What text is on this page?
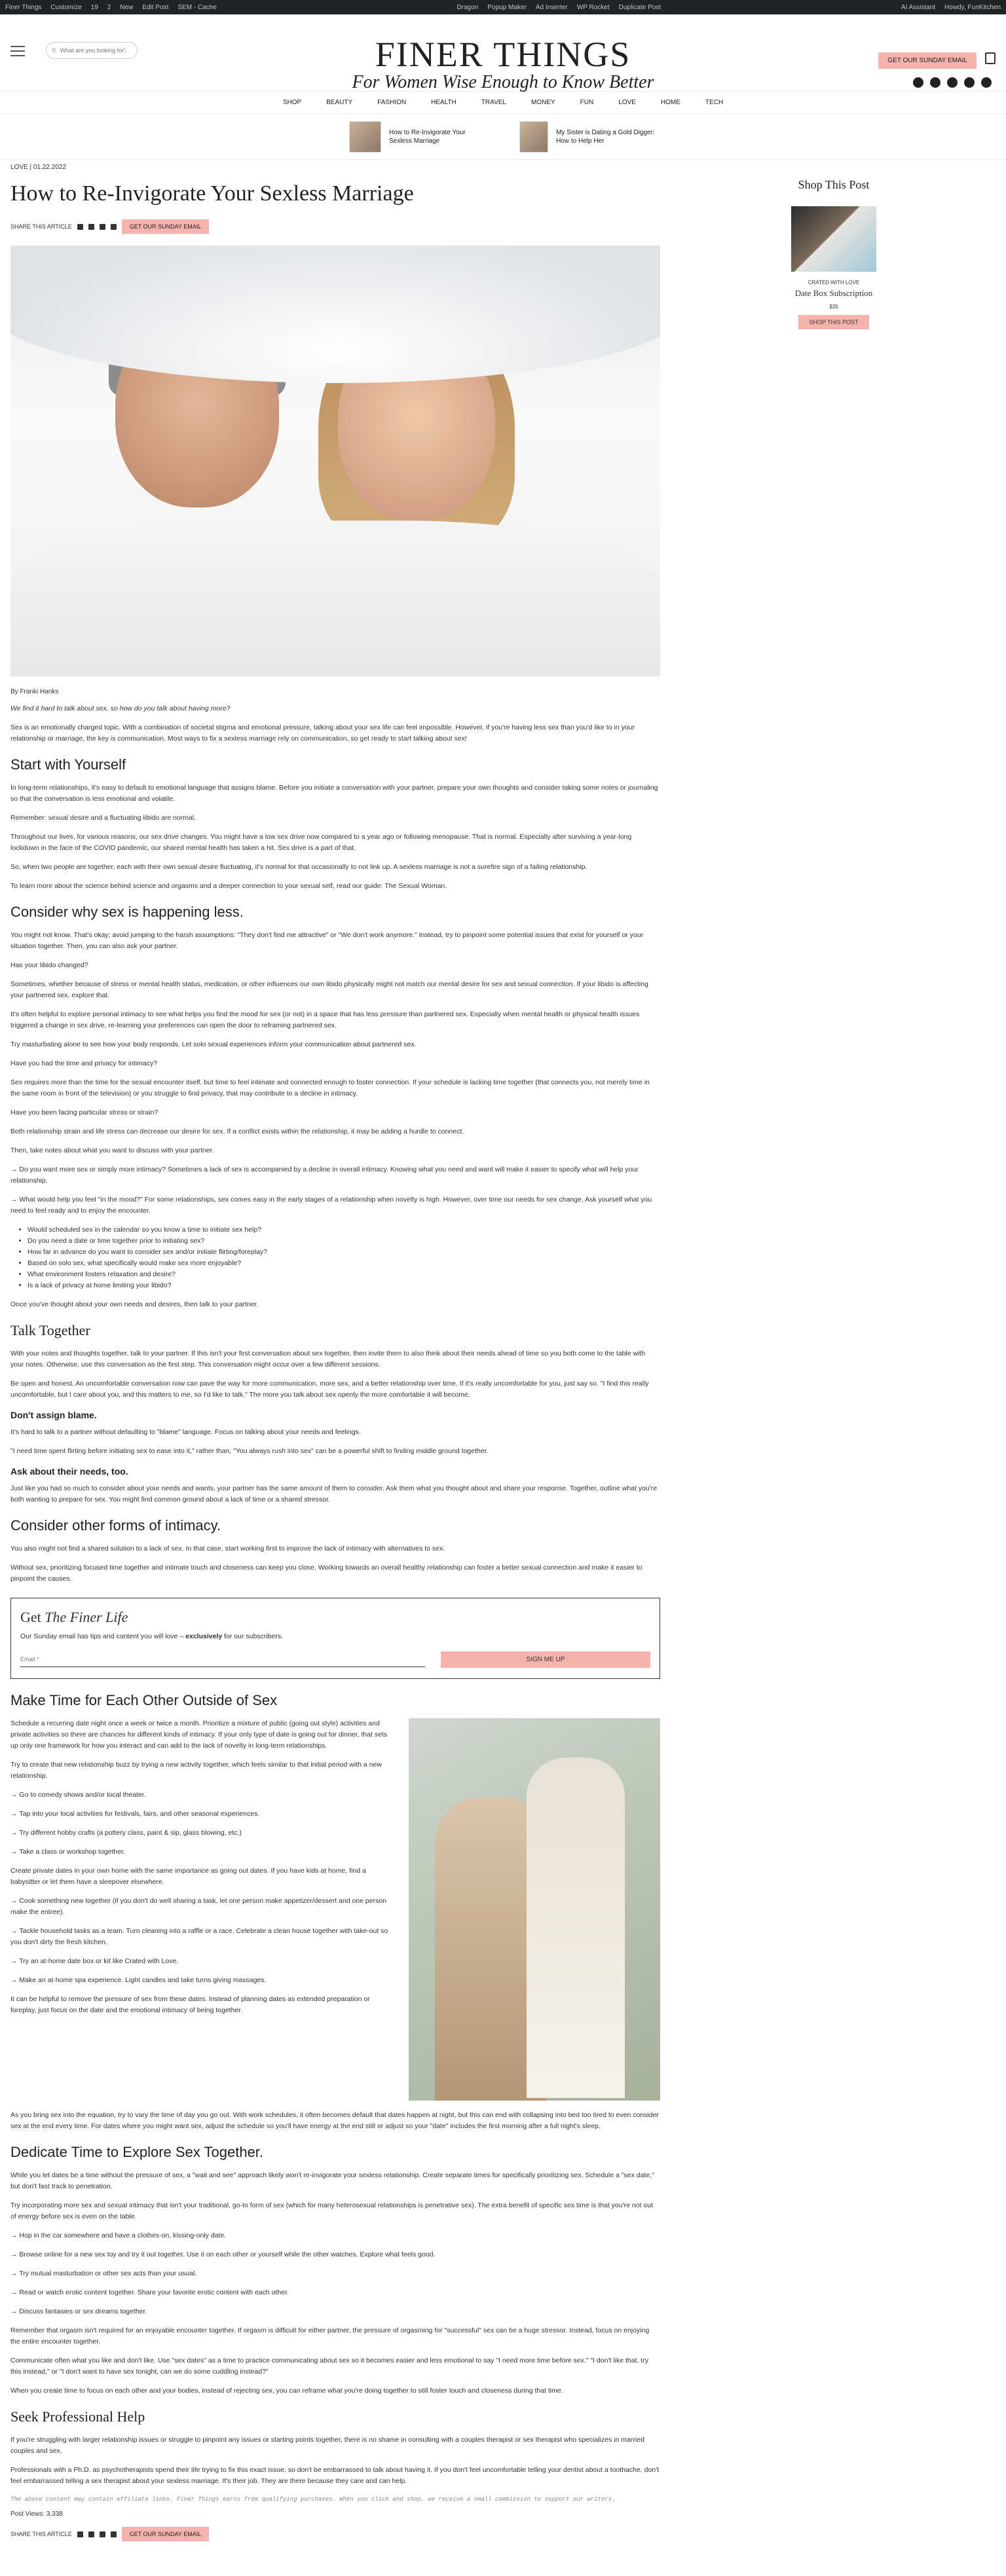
Finer Things Customize 19 2 New Edit Post SEM - Cache	Dragon Popup Maker Ad Inserter WP Rocket Duplicate Post	AI Assistant Howdy, FunKitchen
⚲
What are you looking for?	FINER THINGS
For Women Wise Enough to Know Better
GET OUR SUNDAY EMAIL
SHOP	BEAUTY	FASHION	HEALTH	TRAVEL	MONEY	FUN	LOVE	HOME	TECH
How to Re-Invigorate Your Sexless Marriage
My Sister is Dating a Gold Digger: How to Help Her
LOVE | 01.22.2022
How to Re-Invigorate Your Sexless Marriage
SHARE THIS ARTICLE	GET OUR SUNDAY EMAIL
By Franki Hanks

We find it hard to talk about sex, so how do you talk about having more?

Sex is an emotionally charged topic. With a combination of societal stigma and emotional pressure, talking about your sex life can feel impossible. However, if you're having less sex than you'd like to in your relationship or marriage, the key is communication. Most ways to fix a sexless marriage rely on communication, so get ready to start talking about sex!

Start with Yourself

In long-term relationships, it's easy to default to emotional language that assigns blame. Before you initiate a conversation with your partner, prepare your own thoughts and consider taking some notes or journaling so that the conversation is less emotional and volatile.

Remember: sexual desire and a fluctuating libido are normal.

Throughout our lives, for various reasons, our sex drive changes. You might have a low sex drive now compared to a year ago or following menopause. That is normal. Especially after surviving a year-long lockdown in the face of the COVID pandemic, our shared mental health has taken a hit. Sex drive is a part of that.

So, when two people are together, each with their own sexual desire fluctuating, it's normal for that occasionally to not link up. A sexless marriage is not a surefire sign of a failing relationship.

To learn more about the science behind science and orgasms and a deeper connection to your sexual self, read our guide: The Sexual Woman.

Consider why sex is happening less.

You might not know. That's okay; avoid jumping to the harsh assumptions: "They don't find me attractive" or "We don't work anymore." Instead, try to pinpoint some potential issues that exist for yourself or your situation together. Then, you can also ask your partner.

Has your libido changed?

Sometimes, whether because of stress or mental health status, medication, or other influences our own libido physically might not match our mental desire for sex and sexual connection. If your libido is affecting your partnered sex, explore that.

It's often helpful to explore personal intimacy to see what helps you find the mood for sex (or not) in a space that has less pressure than partnered sex. Especially when mental health or physical health issues triggered a change in sex drive, re-learning your preferences can open the door to reframing partnered sex.

Try masturbating alone to see how your body responds. Let solo sexual experiences inform your communication about partnered sex.

Have you had the time and privacy for intimacy?

Sex requires more than the time for the sexual encounter itself, but time to feel intimate and connected enough to foster connection. If your schedule is lacking time together (that connects you, not merely time in the same room in front of the television) or you struggle to find privacy, that may contribute to a decline in intimacy.

Have you been facing particular stress or strain?

Both relationship strain and life stress can decrease our desire for sex. If a conflict exists within the relationship, it may be adding a hurdle to connect.

Then, take notes about what you want to discuss with your partner.

→ Do you want more sex or simply more intimacy? Sometimes a lack of sex is accompanied by a decline in overall intimacy. Knowing what you need and want will make it easier to specify what will help your relationship.

→ What would help you feel "in the mood?" For some relationships, sex comes easy in the early stages of a relationship when novelty is high. However, over time our needs for sex change. Ask yourself what you need to feel ready and to enjoy the encounter.

• Would scheduled sex in the calendar so you know a time to initiate sex help?
• Do you need a date or time together prior to initiating sex?
• How far in advance do you want to consider sex and/or initiate flirting/foreplay?
• Based on solo sex, what specifically would make sex more enjoyable?
• What environment fosters relaxation and desire?
• Is a lack of privacy at home limiting your libido?

Once you've thought about your own needs and desires, then talk to your partner.

Talk Together

With your notes and thoughts together, talk to your partner. If this isn't your first conversation about sex together, then invite them to also think about their needs ahead of time so you both come to the table with your notes. Otherwise, use this conversation as the first step. This conversation might occur over a few different sessions.

Be open and honest. An uncomfortable conversation now can pave the way for more communication, more sex, and a better relationship over time. If it's really uncomfortable for you, just say so. "I find this really uncomfortable, but I care about you, and this matters to me, so I'd like to talk." The more you talk about sex openly the more comfortable it will become.

Don't assign blame.

It's hard to talk to a partner without defaulting to "blame" language. Focus on talking about your needs and feelings.

"I need time spent flirting before initiating sex to ease into it," rather than, "You always rush into sex" can be a powerful shift to finding middle ground together.

Ask about their needs, too.

Just like you had so much to consider about your needs and wants, your partner has the same amount of them to consider. Ask them what you thought about and share your response. Together, outline what you're both wanting to prepare for sex. You might find common ground about a lack of time or a shared stressor.

Consider other forms of intimacy.

You also might not find a shared solution to a lack of sex. In that case, start working first to improve the lack of intimacy with alternatives to sex.

Without sex, prioritizing focused time together and intimate touch and closeness can keep you close. Working towards an overall healthy relationship can foster a better sexual connection and make it easier to pinpoint the causes.

Get The Finer Life

Our Sunday email has tips and content you will love – exclusively for our subscribers.

Email *
SIGN ME UP
Make Time for Each Other Outside of Sex

Schedule a recurring date night once a week or twice a month. Prioritize a mixture of public (going out style) activities and private activities so there are chances for different kinds of intimacy. If your only type of date is going out for dinner, that sets up only one framework for how you interact and can add to the lack of novelty in long-term relationships.

Try to create that new relationship buzz by trying a new activity together, which feels similar to that initial period with a new relationship.

→ Go to comedy shows and/or local theater.

→ Tap into your local activities for festivals, fairs, and other seasonal experiences.

→ Try different hobby crafts (a pottery class, paint & sip, glass blowing, etc.)

→ Take a class or workshop together.

Create private dates in your own home with the same importance as going out dates. If you have kids at home, find a babysitter or let them have a sleepover elsewhere.

→ Cook something new together (if you don't do well sharing a task, let one person make appetizer/dessert and one person make the entree).

→ Tackle household tasks as a team. Turn cleaning into a raffle or a race. Celebrate a clean house together with take-out so you don't dirty the fresh kitchen.

→ Try an at-home date box or kit like Crated with Love.

→ Make an at-home spa experience. Light candles and take turns giving massages.

It can be helpful to remove the pressure of sex from these dates. Instead of planning dates as extended preparation or foreplay, just focus on the date and the emotional intimacy of being together.

As you bring sex into the equation, try to vary the time of day you go out. With work schedules, it often becomes default that dates happen at night, but this can end with collapsing into bed too tired to even consider sex at the end every time. For dates where you might want sex, adjust the schedule so you'll have energy at the end still or adjust so your "date" includes the first morning after a full night's sleep.

Dedicate Time to Explore Sex Together.

While you let dates be a time without the pressure of sex, a "wait and see" approach likely won't re-invigorate your sexless relationship. Create separate times for specifically prioritizing sex. Schedule a "sex date," but don't fast track to penetration.

Try incorporating more sex and sexual intimacy that isn't your traditional, go-to form of sex (which for many heterosexual relationships is penetrative sex). The extra benefit of specific sex time is that you're not out of energy before sex is even on the table.

→ Hop in the car somewhere and have a clothes-on, kissing-only date.

→ Browse online for a new sex toy and try it out together. Use it on each other or yourself while the other watches. Explore what feels good.

→ Try mutual masturbation or other sex acts than your usual.

→ Read or watch erotic content together. Share your favorite erotic content with each other.

→ Discuss fantasies or sex dreams together.

Remember that orgasm isn't required for an enjoyable encounter together. If orgasm is difficult for either partner, the pressure of orgasming for "successful" sex can be a huge stressor. Instead, focus on enjoying the entire encounter together.

Communicate often what you like and don't like. Use "sex dates" as a time to practice communicating about sex so it becomes easier and less emotional to say "I need more time before sex." "I don't like that, try this instead," or "I don't want to have sex tonight, can we do some cuddling instead?"

When you create time to focus on each other and your bodies, instead of rejecting sex, you can reframe what you're doing together to still foster touch and closeness during that time.

Seek Professional Help

If you're struggling with larger relationship issues or struggle to pinpoint any issues or starting points together, there is no shame in consulting with a couples therapist or sex therapist who specializes in married couples and sex.

Professionals with a Ph.D. as psychotherapists spend their life trying to fix this exact issue, so don't be embarrassed to talk about having it. If you don't feel uncomfortable telling your dentist about a toothache, don't feel embarrassed telling a sex therapist about your sexless marriage. It's their job. They are there because they care and can help.

The above content may contain affiliate links. Finer Things earns from qualifying purchases. When you click and shop, we receive a small commission to support our writers.
Post Views: 3,338
SHARE THIS ARTICLE	GET OUR SUNDAY EMAIL
Shop This Post
CRATED WITH LOVE
Date Box Subscription
$35
SHOP THIS POST
